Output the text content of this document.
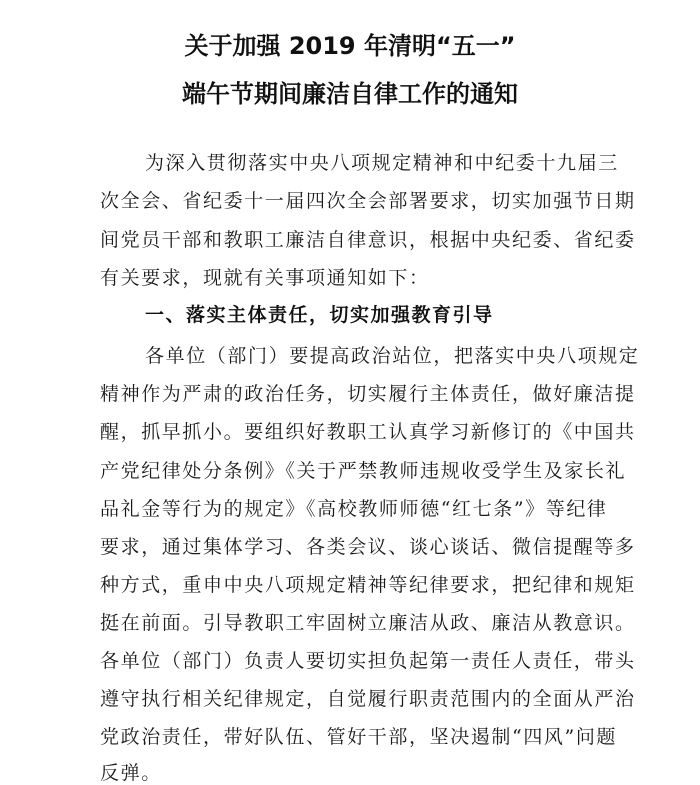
关于加强 2019 年清明“五一”
端午节期间廉洁自律工作的通知
为深入贯彻落实中央八项规定精神和中纪委十九届三
次全会、省纪委十一届四次全会部署要求，切实加强节日期
间党员干部和教职工廉洁自律意识，根据中央纪委、省纪委
有关要求，现就有关事项通知如下：
一、落实主体责任，切实加强教育引导
各单位（部门）要提高政治站位，把落实中央八项规定
精神作为严肃的政治任务，切实履行主体责任，做好廉洁提
醒，抓早抓小。要组织好教职工认真学习新修订的《中国共
产党纪律处分条例》《关于严禁教师违规收受学生及家长礼
品礼金等行为的规定》《高校教师师德“红七条”》等纪律
要求，通过集体学习、各类会议、谈心谈话、微信提醒等多
种方式，重申中央八项规定精神等纪律要求，把纪律和规矩
挺在前面。引导教职工牢固树立廉洁从政、廉洁从教意识。
各单位（部门）负责人要切实担负起第一责任人责任，带头
遵守执行相关纪律规定，自觉履行职责范围内的全面从严治
党政治责任，带好队伍、管好干部，坚决遏制“四风”问题
反弹。
